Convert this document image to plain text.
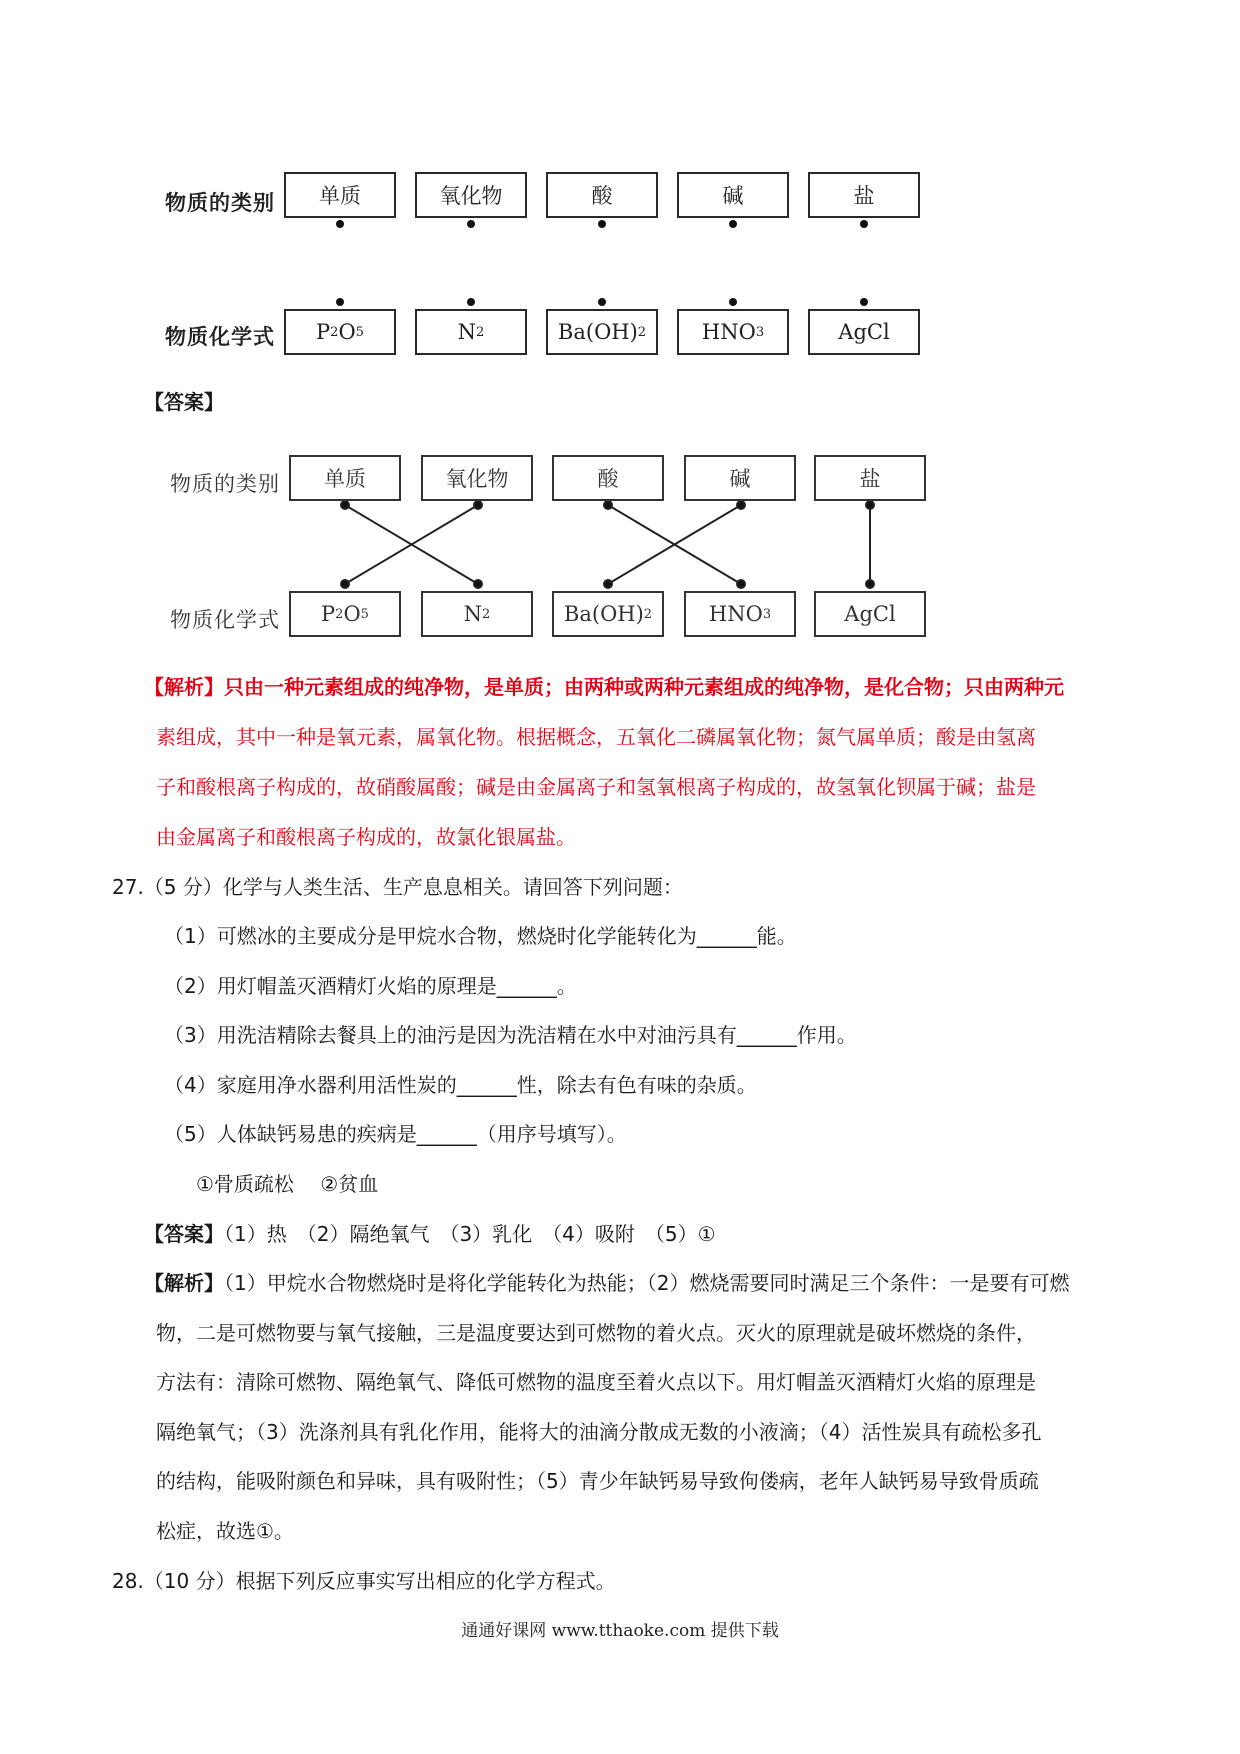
物质的类别
物质化学式
单质	氧化物	酸	碱	盐
P 2 O 5	N 2	Ba(OH) 2	HNO 3	AgCl
【答案】
物质的类别
物质化学式
单质	氧化物	酸	碱	盐
P 2 O 5	N 2	Ba(OH) 2	HNO 3	AgCl
【解析】只由一种元素组成的纯净物，是单质；由两种或两种元素组成的纯净物，是化合物；只由两种元
素组成，其中一种是氧元素，属氧化物。根据概念，五氧化二磷属氧化物；氮气属单质；酸是由氢离
子和酸根离子构成的，故硝酸属酸；碱是由金属离子和氢氧根离子构成的，故氢氧化钡属于碱；盐是
由金属离子和酸根离子构成的，故氯化银属盐。
27.（5 分）化学与人类生活、生产息息相关。请回答下列问题：
（1）可燃冰的主要成分是甲烷水合物，燃烧时化学能转化为______能。
（2）用灯帽盖灭酒精灯火焰的原理是______。
（3）用洗洁精除去餐具上的油污是因为洗洁精在水中对油污具有______作用。
（4）家庭用净水器利用活性炭的______性，除去有色有味的杂质。
（5）人体缺钙易患的疾病是______（用序号填写）。
①骨质疏松　 ②贫血
【答案】（1）热　（2）隔绝氧气　（3）乳化　（4）吸附　（5）①
【解析】（1）甲烷水合物燃烧时是将化学能转化为热能；（2）燃烧需要同时满足三个条件：一是要有可燃
物，二是可燃物要与氧气接触，三是温度要达到可燃物的着火点。灭火的原理就是破坏燃烧的条件，
方法有：清除可燃物、隔绝氧气、降低可燃物的温度至着火点以下。用灯帽盖灭酒精灯火焰的原理是
隔绝氧气；（3）洗涤剂具有乳化作用，能将大的油滴分散成无数的小液滴；（4）活性炭具有疏松多孔
的结构，能吸附颜色和异味，具有吸附性；（5）青少年缺钙易导致佝偻病，老年人缺钙易导致骨质疏
松症，故选①。
28.（10 分）根据下列反应事实写出相应的化学方程式。
通通好课网 www.tthaoke.com 提供下载
